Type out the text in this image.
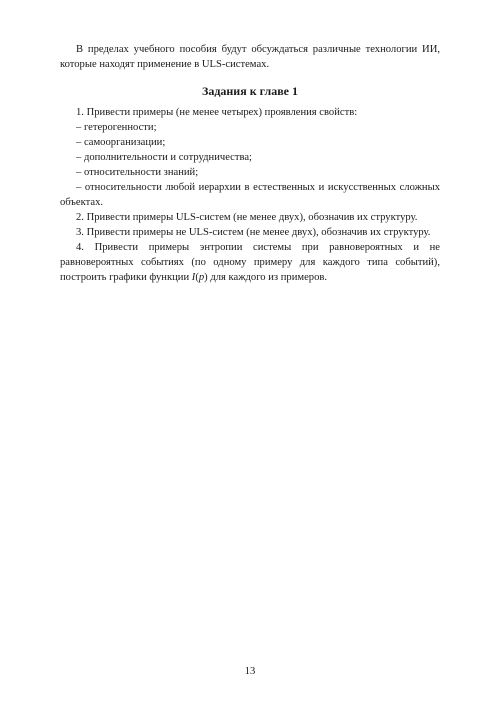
В пределах учебного пособия будут обсуждаться различные технологии ИИ, которые находят применение в ULS-системах.

Задания к главе 1

1. Привести примеры (не менее четырех) проявления свойств:

– гетерогенности;

– самоорганизации;

– дополнительности и сотрудничества;

– относительности знаний;

– относительности любой иерархии в естественных и искусственных сложных объектах.

2. Привести примеры ULS-систем (не менее двух), обозначив их структуру.

3. Привести примеры не ULS-систем (не менее двух), обозначив их структуру.

4. Привести примеры энтропии системы при равновероятных и не равновероятных событиях (по одному примеру для каждого типа событий), построить графики функции I(p) для каждого из примеров.

13
